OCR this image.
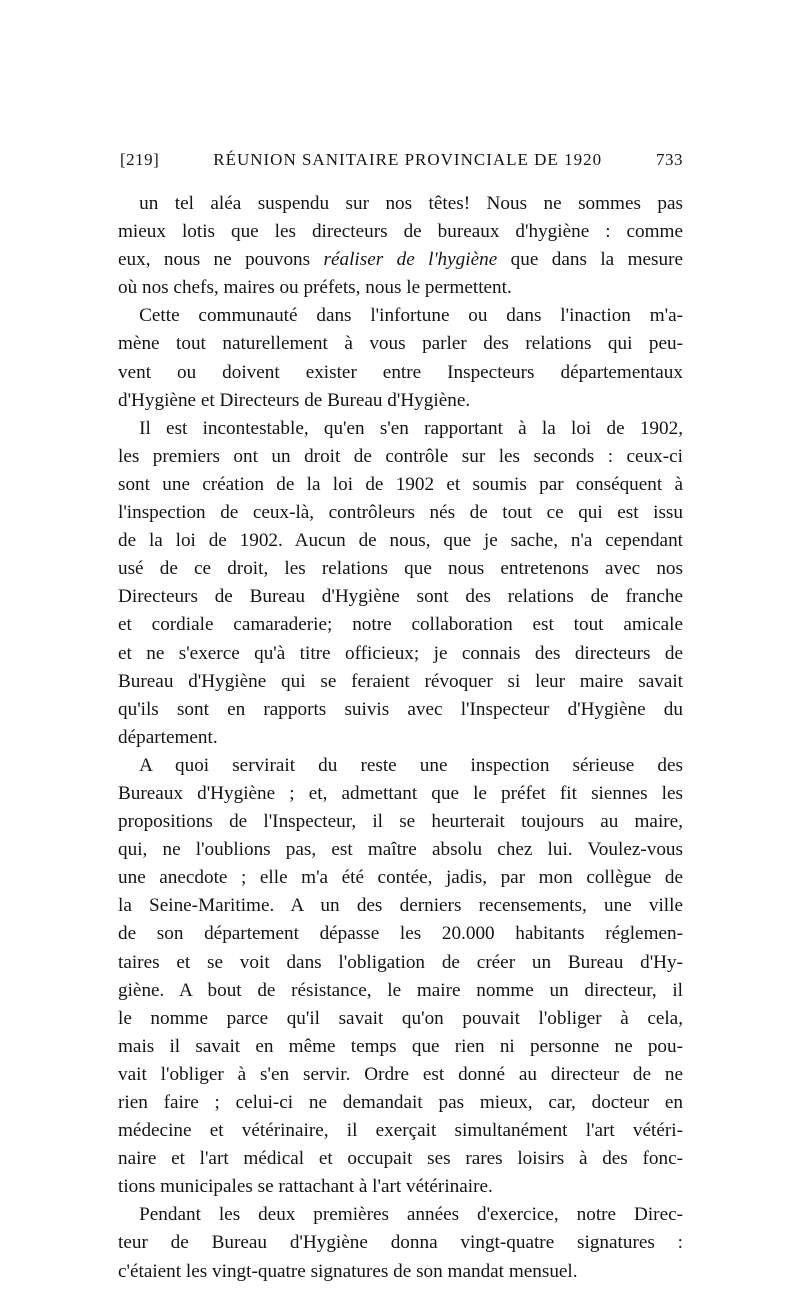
[219]	RÉUNION SANITAIRE PROVINCIALE DE 1920	733

un tel aléa suspendu sur nos têtes! Nous ne sommes pas
mieux lotis que les directeurs de bureaux d'hygiène : comme
eux, nous ne pouvons réaliser de l'hygiène que dans la mesure
où nos chefs, maires ou préfets, nous le permettent.

Cette communauté dans l'infortune ou dans l'inaction m'a-
mène tout naturellement à vous parler des relations qui peu-
vent ou doivent exister entre Inspecteurs départementaux
d'Hygiène et Directeurs de Bureau d'Hygiène.

Il est incontestable, qu'en s'en rapportant à la loi de 1902,
les premiers ont un droit de contrôle sur les seconds : ceux-ci
sont une création de la loi de 1902 et soumis par conséquent à
l'inspection de ceux-là, contrôleurs nés de tout ce qui est issu
de la loi de 1902. Aucun de nous, que je sache, n'a cependant
usé de ce droit, les relations que nous entretenons avec nos
Directeurs de Bureau d'Hygiène sont des relations de franche
et cordiale camaraderie; notre collaboration est tout amicale
et ne s'exerce qu'à titre officieux; je connais des directeurs de
Bureau d'Hygiène qui se feraient révoquer si leur maire savait
qu'ils sont en rapports suivis avec l'Inspecteur d'Hygiène du
département.

A quoi servirait du reste une inspection sérieuse des
Bureaux d'Hygiène ; et, admettant que le préfet fit siennes les
propositions de l'Inspecteur, il se heurterait toujours au maire,
qui, ne l'oublions pas, est maître absolu chez lui. Voulez-vous
une anecdote ; elle m'a été contée, jadis, par mon collègue de
la Seine-Maritime. A un des derniers recensements, une ville
de son département dépasse les 20.000 habitants réglemen-
taires et se voit dans l'obligation de créer un Bureau d'Hy-
giène. A bout de résistance, le maire nomme un directeur, il
le nomme parce qu'il savait qu'on pouvait l'obliger à cela,
mais il savait en même temps que rien ni personne ne pou-
vait l'obliger à s'en servir. Ordre est donné au directeur de ne
rien faire ; celui-ci ne demandait pas mieux, car, docteur en
médecine et vétérinaire, il exerçait simultanément l'art vétéri-
naire et l'art médical et occupait ses rares loisirs à des fonc-
tions municipales se rattachant à l'art vétérinaire.

Pendant les deux premières années d'exercice, notre Direc-
teur de Bureau d'Hygiène donna vingt-quatre signatures :
c'étaient les vingt-quatre signatures de son mandat mensuel.
